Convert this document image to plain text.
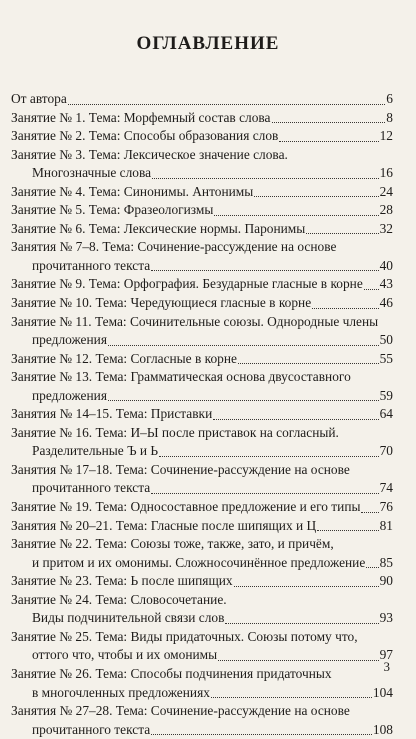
ОГЛАВЛЕНИЕ
От автора	6
Занятие № 1. Тема: Морфемный состав слова	8
Занятие № 2. Тема: Способы образования слов	12
Занятие № 3. Тема: Лексическое значение слова.
Многозначные слова	16
Занятие № 4. Тема: Синонимы. Антонимы	24
Занятие № 5. Тема: Фразеологизмы	28
Занятие № 6. Тема: Лексические нормы. Паронимы	32
Занятия № 7–8. Тема: Сочинение-рассуждение на основе
прочитанного текста	40
Занятие № 9. Тема: Орфография. Безударные гласные в корне 43
Занятие № 10. Тема: Чередующиеся гласные в корне	46
Занятие № 11. Тема: Сочинительные союзы. Однородные члены
предложения	50
Занятие № 12. Тема: Согласные в корне	55
Занятие № 13. Тема: Грамматическая основа двусоставного
предложения	59
Занятия № 14–15. Тема: Приставки	64
Занятие № 16. Тема: И–Ы после приставок на согласный.
Разделительные Ъ и Ь	70
Занятия № 17–18. Тема: Сочинение-рассуждение на основе
прочитанного текста	74
Занятие № 19. Тема: Односоставное предложение и его типы 76
Занятия № 20–21. Тема: Гласные после шипящих и Ц	81
Занятие № 22. Тема: Союзы тоже, также, зато, и причём,
и притом и их омонимы. Сложносочинённое предложение 85
Занятие № 23. Тема: Ь после шипящих	90
Занятие № 24. Тема: Словосочетание.
Виды подчинительной связи слов	93
Занятие № 25. Тема: Виды придаточных. Союзы потому что,
оттого что, чтобы и их омонимы	97
Занятие № 26. Тема: Способы подчинения придаточных
в многочленных предложениях	104
Занятия № 27–28. Тема: Сочинение-рассуждение на основе
прочитанного текста	108
3
